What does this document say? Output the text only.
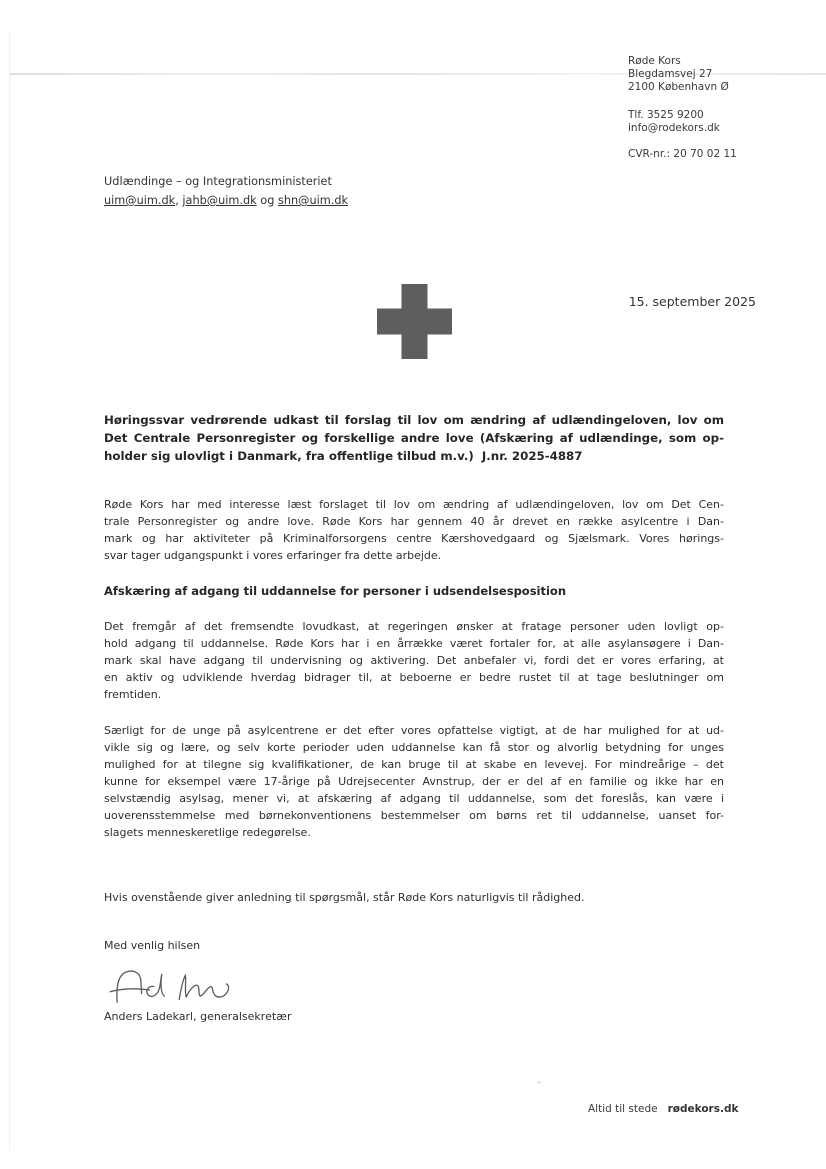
Røde Kors
Blegdamsvej 27
2100 København Ø
Tlf. 3525 9200
info@rodekors.dk
CVR-nr.: 20 70 02 11
Udlændinge – og Integrationsministeriet
uim@uim.dk, jahb@uim.dk og shn@uim.dk
15. september 2025
Høringssvar vedrørende udkast til forslag til lov om ændring af udlændingeloven, lov om
Det Centrale Personregister og forskellige andre love (Afskæring af udlændinge, som op-
holder sig ulovligt i Danmark, fra offentlige tilbud m.v.)  J.nr. 2025-4887
Røde Kors har med interesse læst forslaget til lov om ændring af udlændingeloven, lov om Det Cen-
trale Personregister og andre love. Røde Kors har gennem 40 år drevet en række asylcentre i Dan-
mark og har aktiviteter på Kriminalforsorgens centre Kærshovedgaard og Sjælsmark. Vores hørings-
svar tager udgangspunkt i vores erfaringer fra dette arbejde.
Afskæring af adgang til uddannelse for personer i udsendelsesposition
Det fremgår af det fremsendte lovudkast, at regeringen ønsker at fratage personer uden lovligt op-
hold adgang til uddannelse. Røde Kors har i en årrække været fortaler for, at alle asylansøgere i Dan-
mark skal have adgang til undervisning og aktivering. Det anbefaler vi, fordi det er vores erfaring, at
en aktiv og udviklende hverdag bidrager til, at beboerne er bedre rustet til at tage beslutninger om
fremtiden.
Særligt for de unge på asylcentrene er det efter vores opfattelse vigtigt, at de har mulighed for at ud-
vikle sig og lære, og selv korte perioder uden uddannelse kan få stor og alvorlig betydning for unges
mulighed for at tilegne sig kvalifikationer, de kan bruge til at skabe en levevej. For mindreårige – det
kunne for eksempel være 17-årige på Udrejsecenter Avnstrup, der er del af en familie og ikke har en
selvstændig asylsag, mener vi, at afskæring af adgang til uddannelse, som det foreslås, kan være i
uoverensstemmelse med børnekonventionens bestemmelser om børns ret til uddannelse, uanset for-
slagets menneskeretlige redegørelse.
Hvis ovenstående giver anledning til spørgsmål, står Røde Kors naturligvis til rådighed.
Med venlig hilsen
Anders Ladekarl, generalsekretær
Altid til stede rødekors.dk
